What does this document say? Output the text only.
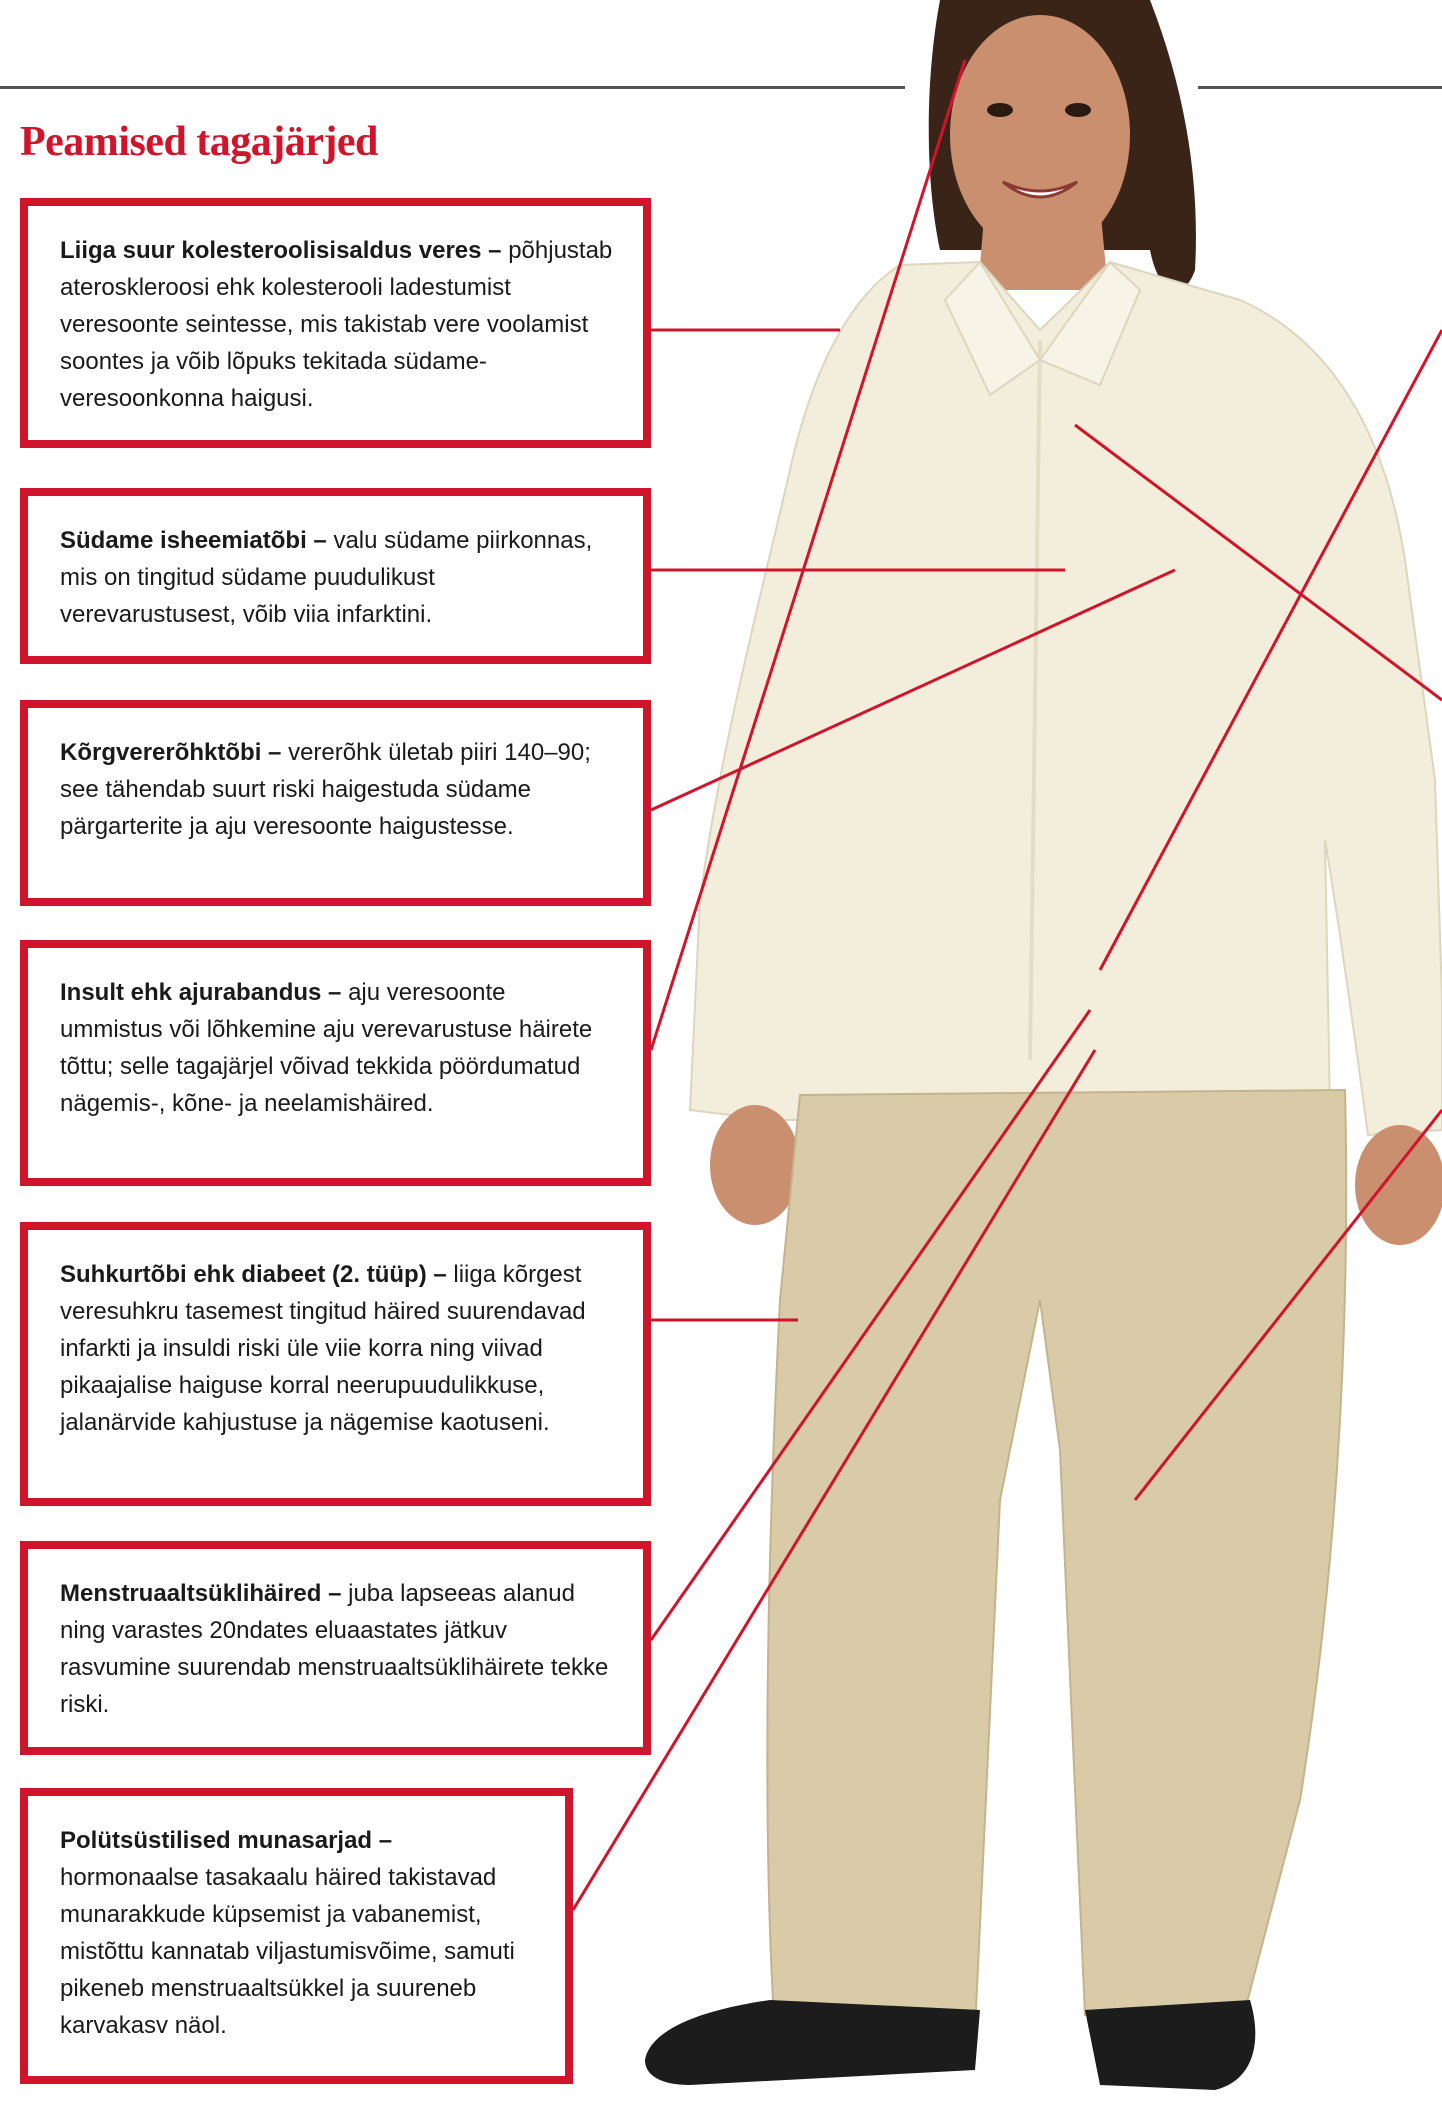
Peamised tagajärjed
Liiga suur kolesteroolisisaldus veres – põhjustab ateroskleroosi ehk kolesterooli ladestumist veresoonte seintesse, mis takistab vere voolamist soontes ja võib lõpuks tekitada südame-veresoonkonna haigusi.
Südame isheemiatõbi – valu südame piirkonnas, mis on tingitud südame puudulikust verevarustusest, võib viia infarktini.
Kõrgvererõhktõbi – vererõhk ületab piiri 140–90; see tähendab suurt riski haigestuda südame pärgarterite ja aju veresoonte haigustesse.
Insult ehk ajurabandus – aju veresoonte ummistus või lõhkemine aju verevarustuse häirete tõttu; selle tagajärjel võivad tekkida pöördumatud nägemis-, kõne- ja neelamishäired.
Suhkurtõbi ehk diabeet (2. tüüp) – liiga kõrgest veresuhkru tasemest tingitud häired suurendavad infarkti ja insuldi riski üle viie korra ning viivad pikaajalise haiguse korral neerupuudulikkuse, jalanärvide kahjustuse ja nägemise kaotuseni.
Menstruaaltsüklihäired – juba lapseeas alanud ning varastes 20ndates eluaastates jätkuv rasvumine suurendab menstruaaltsüklihäirete tekke riski.
Polütsüstilised munasarjad – hormonaalse tasakaalu häired takistavad munarakkude küpsemist ja vabanemist, mistõttu kannatab viljastumisvõime, samuti pikeneb menstruaaltsükkel ja suureneb karvakasv näol.
